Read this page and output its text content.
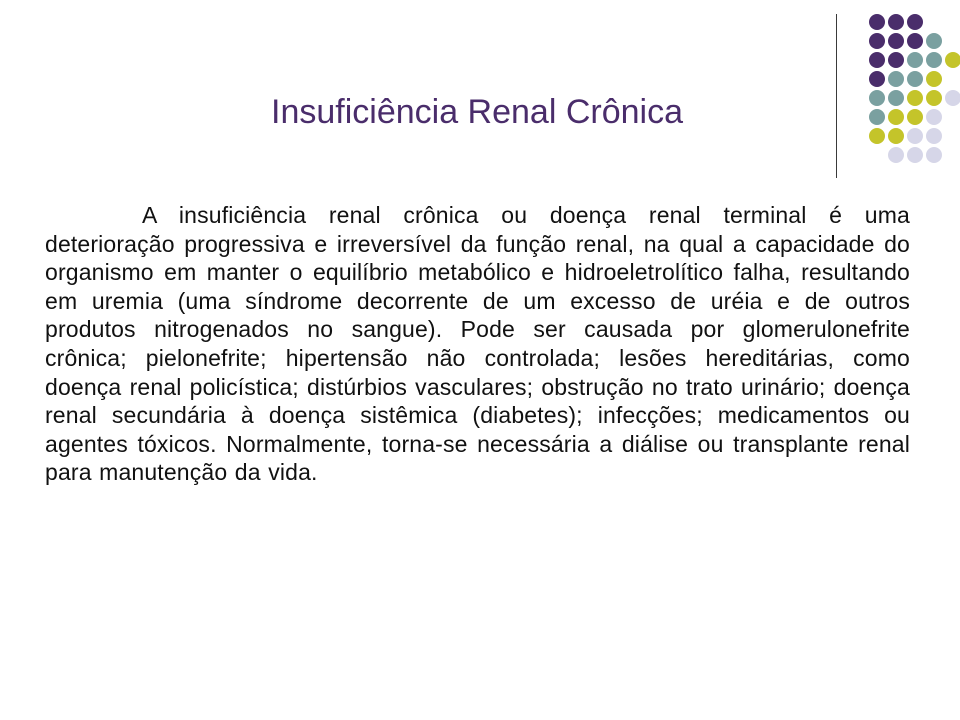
Insuficiência Renal Crônica

A insuficiência renal crônica ou doença renal terminal é uma deterioração progressiva e irreversível da função renal, na qual a capacidade do organismo em manter o equilíbrio metabólico e hidroeletrolítico falha, resultando em uremia (uma síndrome decorrente de um excesso de uréia e de outros produtos nitrogenados no sangue). Pode ser causada por glomerulonefrite crônica; pielonefrite; hipertensão não controlada; lesões hereditárias, como doença renal policística; distúrbios vasculares; obstrução no trato urinário; doença renal secundária à doença sistêmica (diabetes); infecções; medicamentos ou agentes tóxicos. Normalmente, torna-se necessária a diálise ou transplante renal para manutenção da vida.
